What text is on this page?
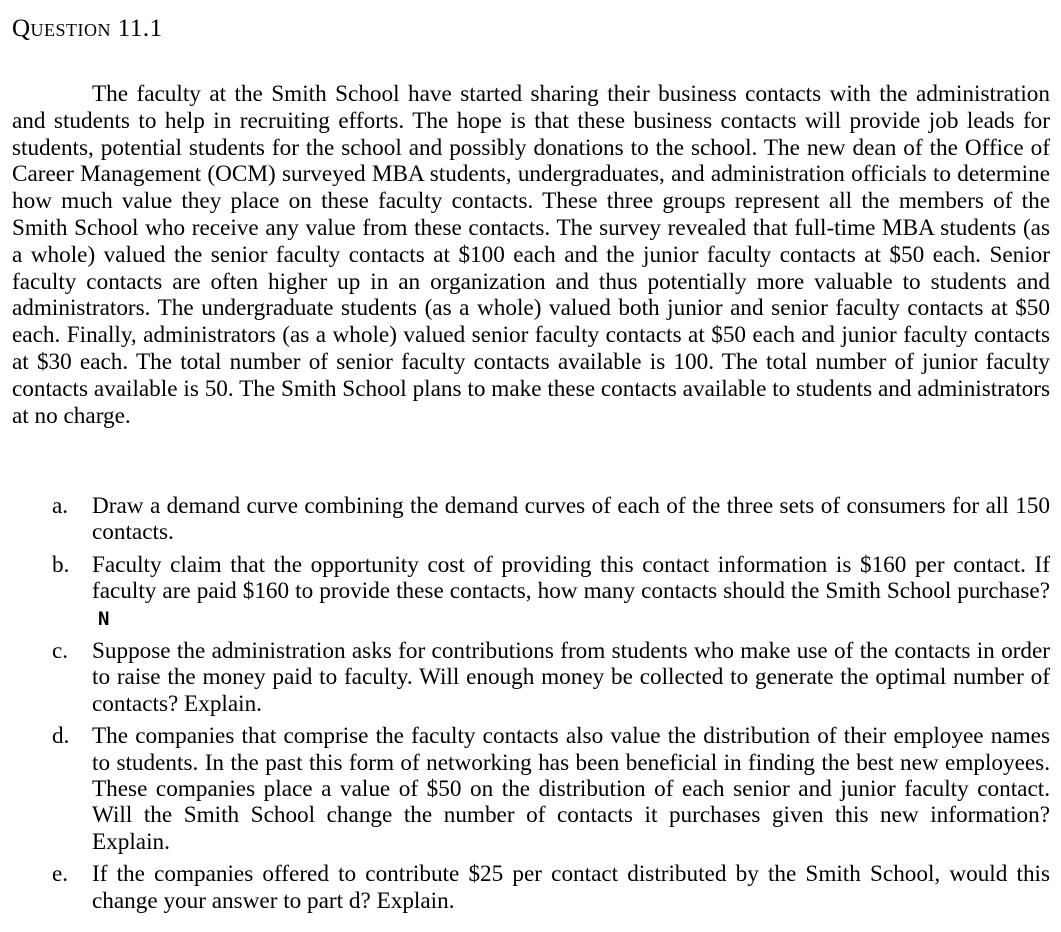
Question 11.1

The faculty at the Smith School have started sharing their business contacts with the administration and students to help in recruiting efforts. The hope is that these business contacts will provide job leads for students, potential students for the school and possibly donations to the school. The new dean of the Office of Career Management (OCM) surveyed MBA students, undergraduates, and administration officials to determine how much value they place on these faculty contacts. These three groups represent all the members of the Smith School who receive any value from these contacts. The survey revealed that full-time MBA students (as a whole) valued the senior faculty contacts at $100 each and the junior faculty contacts at $50 each. Senior faculty contacts are often higher up in an organization and thus potentially more valuable to students and administrators. The undergraduate students (as a whole) valued both junior and senior faculty contacts at $50 each. Finally, administrators (as a whole) valued senior faculty contacts at $50 each and junior faculty contacts at $30 each. The total number of senior faculty contacts available is 100. The total number of junior faculty contacts available is 50. The Smith School plans to make these contacts available to students and administrators at no charge.

a. Draw a demand curve combining the demand curves of each of the three sets of consumers for all 150 contacts.
b. Faculty claim that the opportunity cost of providing this contact information is $160 per contact. If faculty are paid $160 to provide these contacts, how many contacts should the Smith School purchase?N
c. Suppose the administration asks for contributions from students who make use of the contacts in order to raise the money paid to faculty. Will enough money be collected to generate the optimal number of contacts? Explain.
d. The companies that comprise the faculty contacts also value the distribution of their employee names to students. In the past this form of networking has been beneficial in finding the best new employees. These companies place a value of $50 on the distribution of each senior and junior faculty contact. Will the Smith School change the number of contacts it purchases given this new information? Explain.
e. If the companies offered to contribute $25 per contact distributed by the Smith School, would this change your answer to part d? Explain.
